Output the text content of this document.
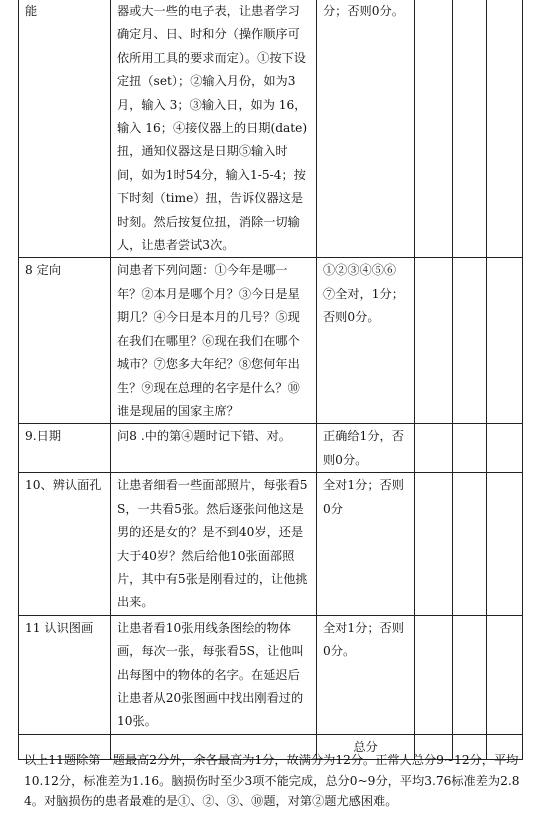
能	器或大一些的电子表，让患者学习确定月、日、时和分（操作顺序可依所用工具的要求而定）。①按下设定扭（set）；②输入月份，如为3月，输入 3；③输入日，如为 16，输入 16；④接仪器上的日期(date)扭，通知仪器这是日期⑤输入时间，如为1时54分，输入1-5-4；按下时刻（time）扭，告诉仪器这是时刻。然后按复位扭，消除一切输人，让患者尝试3次。	分；否则0分。			
8 定向	问患者下列问题：①今年是哪一年？②本月是哪个月？③今日是星期几？④今日是本月的几号？⑤现在我们在哪里？⑥现在我们在哪个城市？⑦您多大年纪？⑧您何年出生？⑨现在总理的名字是什么？⑩谁是现届的国家主席？	①②③④⑤⑥⑦全对，1分；否则0分。			
9.日期	问8 .中的第④题时记下错、对。	正确给1分，否则0分。			
10、辨认面孔	让患者细看一些面部照片，每张看5S，一共看5张。然后逐张问他这是男的还是女的？是不到40岁，还是大于40岁？然后给他10张面部照片，其中有5张是刚看过的，让他挑出来。	全对1分；否则0分			
11 认识图画	让患者看10张用线条图绘的物体画，每次一张，每张看5S，让他叫出每图中的物体的名字。在延迟后让患者从20张图画中找出刚看过的10张。	全对1分；否则0分。			
		总分			
以上11题除第一题最高2分外，余各最高为1分，故满分为12分。正常人总分9~12分，平均10.12分，标准差为1.16。脑损伤时至少3项不能完成，总分0~9分，平均3.76标准差为2.84。对脑损伤的患者最难的是①、②、③、⑩题，对第②题尤感困难。
